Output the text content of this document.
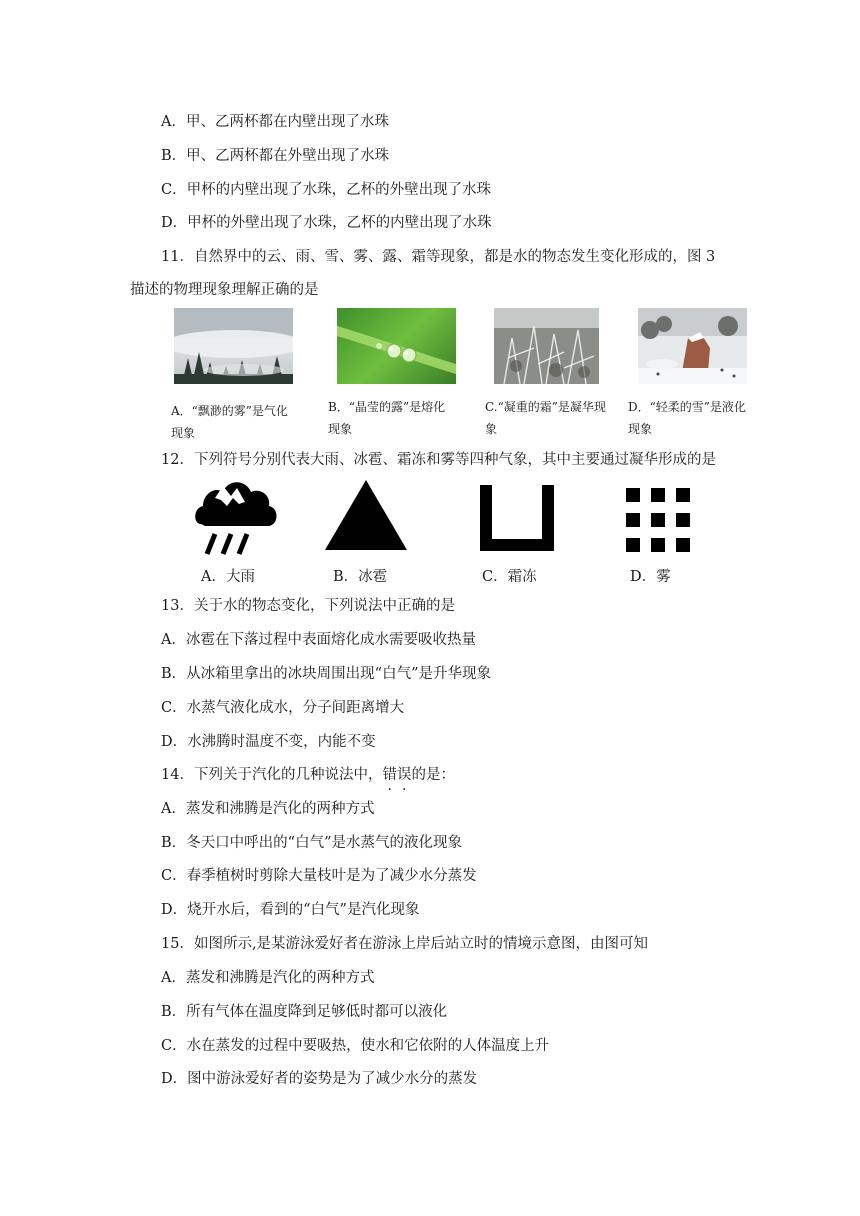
A．甲、乙两杯都在内壁出现了水珠
B．甲、乙两杯都在外壁出现了水珠
C．甲杯的内壁出现了水珠，乙杯的外壁出现了水珠
D．甲杯的外壁出现了水珠，乙杯的内壁出现了水珠
11．自然界中的云、雨、雪、雾、露、霜等现象，都是水的物态发生变化形成的，图 3
描述的物理现象理解正确的是
A．“飘渺的雾”是气化现象
B．“晶莹的露”是熔化现象
C.“凝重的霜”是凝华现象
D．“轻柔的雪”是液化现象
12．下列符号分别代表大雨、冰雹、霜冻和雾等四种气象，其中主要通过凝华形成的是
A．大雨	B．冰雹	C．霜冻	D．雾
13．关于水的物态变化，下列说法中正确的是
A．冰雹在下落过程中表面熔化成水需要吸收热量
B．从冰箱里拿出的冰块周围出现“白气”是升华现象
C．水蒸气液化成水，分子间距离增大
D．水沸腾时温度不变，内能不变
14．下列关于汽化的几种说法中，错误的是：
A．蒸发和沸腾是汽化的两种方式
B．冬天口中呼出的“白气”是水蒸气的液化现象
C．春季植树时剪除大量枝叶是为了减少水分蒸发
D．烧开水后，看到的“白气”是汽化现象
15．如图所示,是某游泳爱好者在游泳上岸后站立时的情境示意图，由图可知
A．蒸发和沸腾是汽化的两种方式
B．所有气体在温度降到足够低时都可以液化
C．水在蒸发的过程中要吸热，使水和它依附的人体温度上升
D．图中游泳爱好者的姿势是为了减少水分的蒸发
